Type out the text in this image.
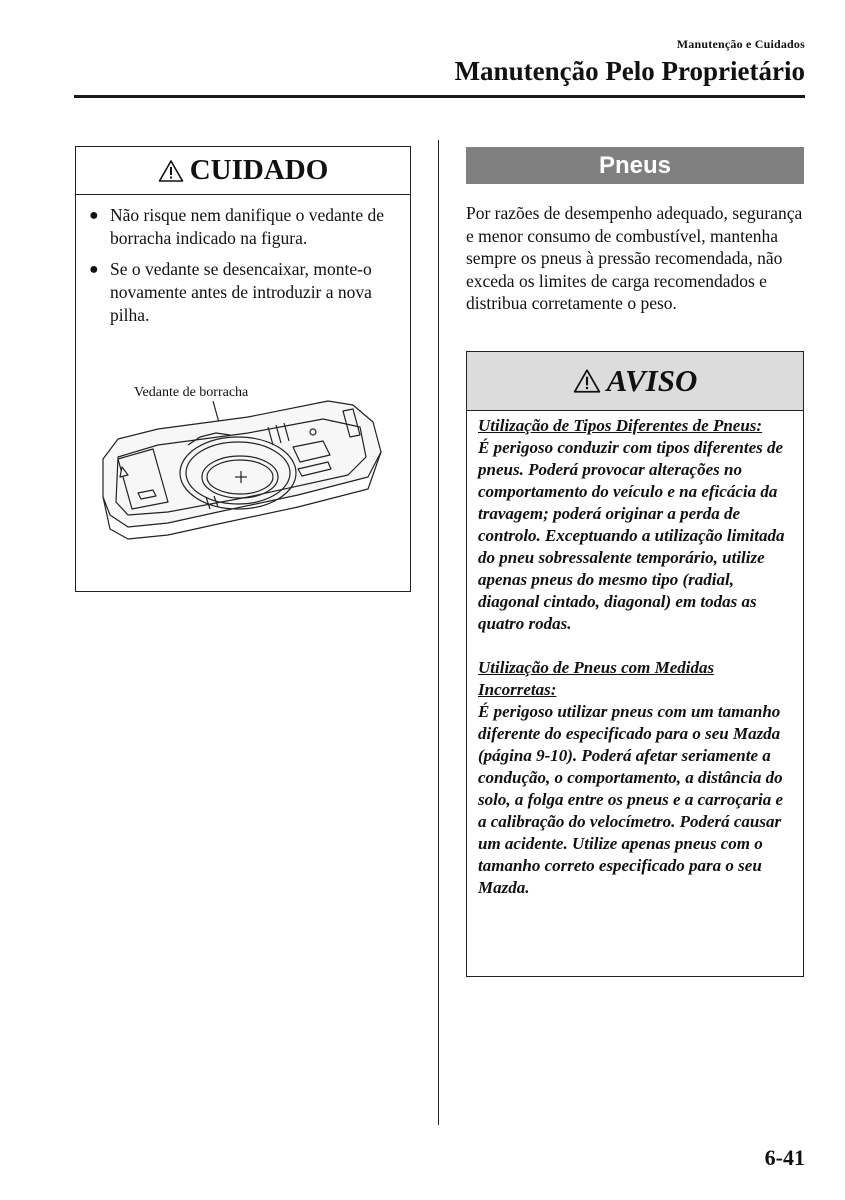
Manutenção e Cuidados
Manutenção Pelo Proprietário
CUIDADO
● Não risque nem danifique o vedante de borracha indicado na figura.
● Se o vedante se desencaixar, monte-o novamente antes de introduzir a nova pilha.
Vedante de borracha
Pneus
Por razões de desempenho adequado, segurança e menor consumo de combustível, mantenha sempre os pneus à pressão recomendada, não exceda os limites de carga recomendados e distribua corretamente o peso.
AVISO
Utilização de Tipos Diferentes de Pneus:
É perigoso conduzir com tipos diferentes de pneus. Poderá provocar alterações no comportamento do veículo e na eficácia da travagem; poderá originar a perda de controlo. Exceptuando a utilização limitada do pneu sobressalente temporário, utilize apenas pneus do mesmo tipo (radial, diagonal cintado, diagonal) em todas as quatro rodas.
Utilização de Pneus com Medidas Incorretas:
É perigoso utilizar pneus com um tamanho diferente do especificado para o seu Mazda (página 9-10). Poderá afetar seriamente a condução, o comportamento, a distância do solo, a folga entre os pneus e a carroçaria e a calibração do velocímetro. Poderá causar um acidente. Utilize apenas pneus com o tamanho correto especificado para o seu Mazda.
6-41
